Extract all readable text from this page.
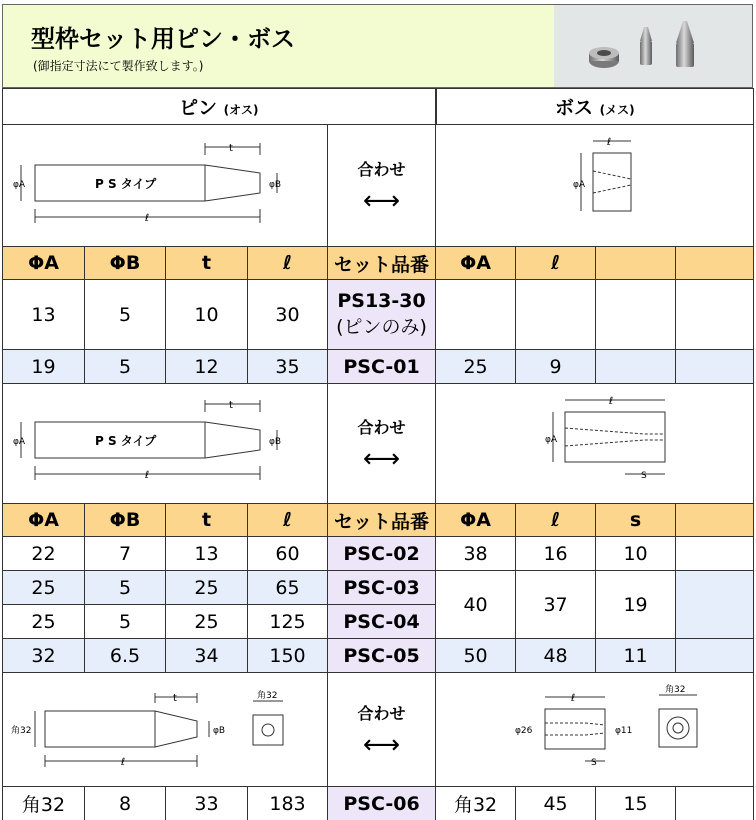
型枠セット用ピン・ボス
(御指定寸法にて製作致します。)
ピン (オス)					ボス (メス)			

P S タイプ
φA φB
t
ℓ				合わせ
⟷	ℓ
φA			

ΦA	ΦB	t	ℓ	セット品番	ΦA	ℓ		
13	5	10	30	PS13-30
(ピンのみ)				

19	5	12	35	PSC-01	25	9		

P S タイプ
φA φB
t
ℓ				合わせ
⟷	ℓ
φA
S			

ΦA	ΦB	t	ℓ	セット品番	ΦA	ℓ	s	
22	7	13	60	PSC-02	38	16	10	
25	5	25	65	PSC-03	40	37	19	
25	5	25	125	PSC-04				
32	6.5	34	150	PSC-05	50	48	11	

角32 φB
t
ℓ
角32				合わせ
⟷	ℓ
φ26 φ11
S
角32			

角32	8	33	183	PSC-06	角32	45	15	
